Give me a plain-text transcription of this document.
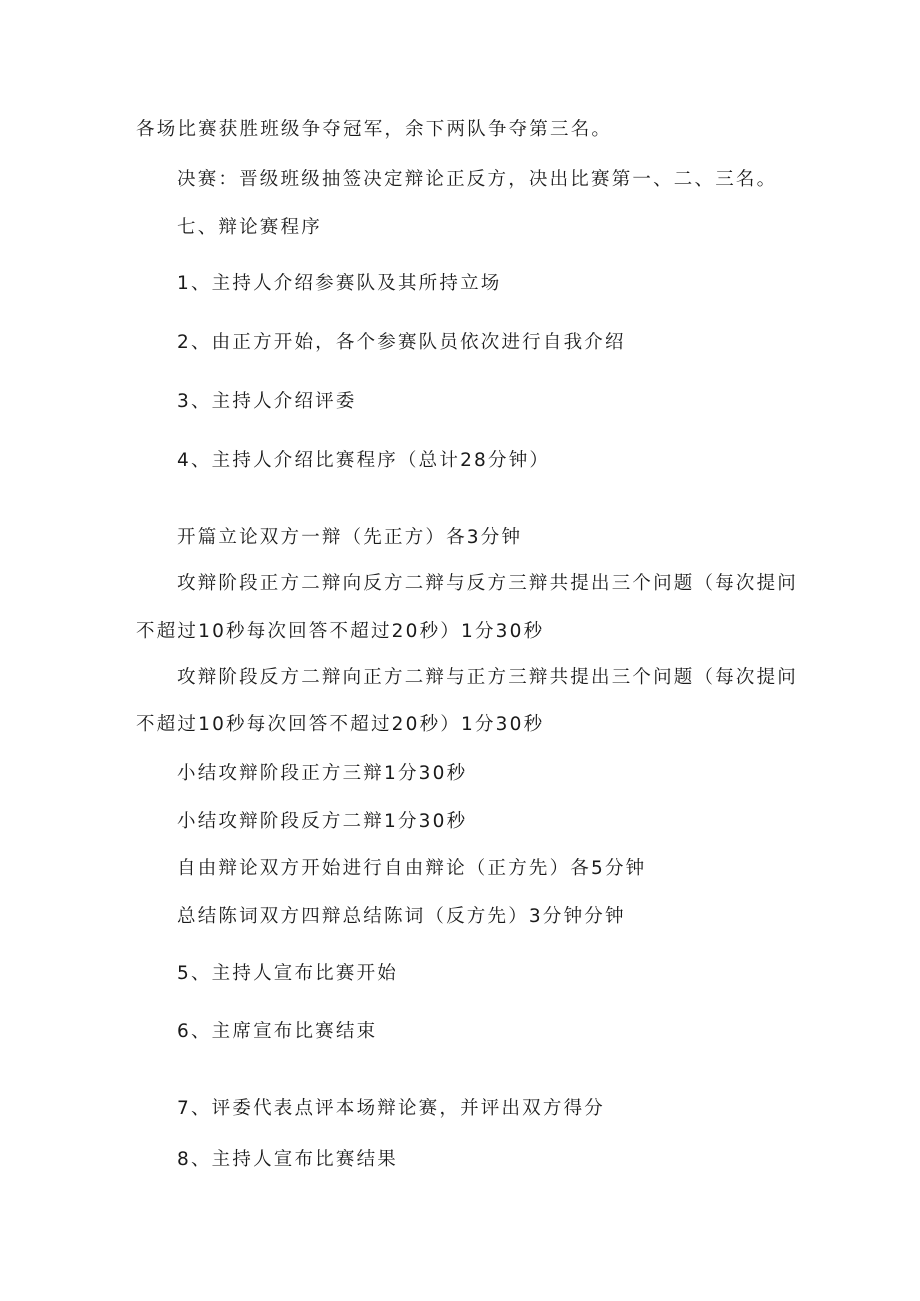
各场比赛获胜班级争夺冠军，余下两队争夺第三名。
决赛：晋级班级抽签决定辩论正反方，决出比赛第一、二、三名。
七、辩论赛程序
1、主持人介绍参赛队及其所持立场
2、由正方开始，各个参赛队员依次进行自我介绍
3、主持人介绍评委
4、主持人介绍比赛程序（总计28分钟）
开篇立论双方一辩（先正方）各3分钟
攻辩阶段正方二辩向反方二辩与反方三辩共提出三个问题（每次提问
不超过10秒每次回答不超过20秒）1分30秒
攻辩阶段反方二辩向正方二辩与正方三辩共提出三个问题（每次提问
不超过10秒每次回答不超过20秒）1分30秒
小结攻辩阶段正方三辩1分30秒
小结攻辩阶段反方二辩1分30秒
自由辩论双方开始进行自由辩论（正方先）各5分钟
总结陈词双方四辩总结陈词（反方先）3分钟分钟
5、主持人宣布比赛开始
6、主席宣布比赛结束
7、评委代表点评本场辩论赛，并评出双方得分
8、主持人宣布比赛结果
